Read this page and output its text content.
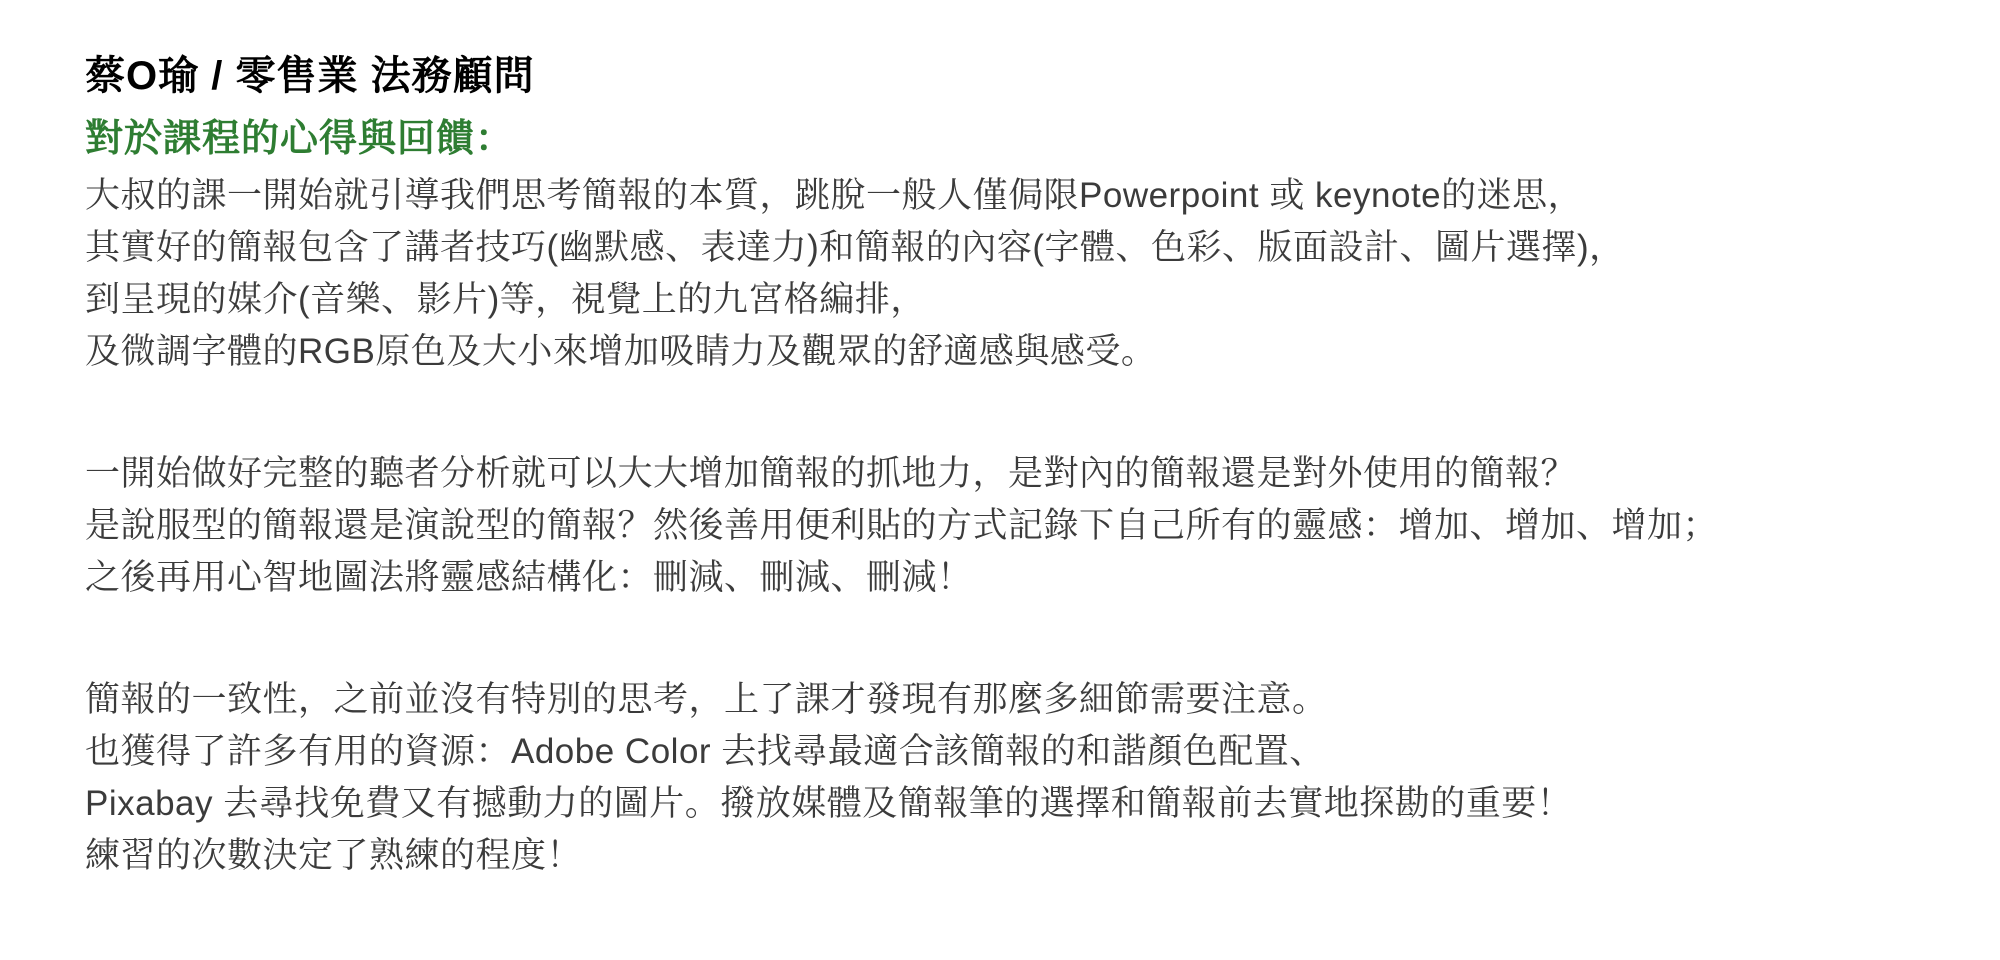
蔡O瑜 / 零售業 法務顧問
對於課程的心得與回饋：
大叔的課一開始就引導我們思考簡報的本質，跳脫一般人僅侷限Powerpoint 或 keynote的迷思，
其實好的簡報包含了講者技巧(幽默感、表達力)和簡報的內容(字體、色彩、版面設計、圖片選擇)，
到呈現的媒介(音樂、影片)等，視覺上的九宮格編排，
及微調字體的RGB原色及大小來增加吸睛力及觀眾的舒適感與感受。
一開始做好完整的聽者分析就可以大大增加簡報的抓地力，是對內的簡報還是對外使用的簡報？
是說服型的簡報還是演說型的簡報？然後善用便利貼的方式記錄下自己所有的靈感：增加、增加、增加；
之後再用心智地圖法將靈感結構化：刪減、刪減、刪減！
簡報的一致性，之前並沒有特別的思考，上了課才發現有那麼多細節需要注意。
也獲得了許多有用的資源：Adobe Color 去找尋最適合該簡報的和諧顏色配置、
Pixabay 去尋找免費又有撼動力的圖片。撥放媒體及簡報筆的選擇和簡報前去實地探勘的重要！
練習的次數決定了熟練的程度！
